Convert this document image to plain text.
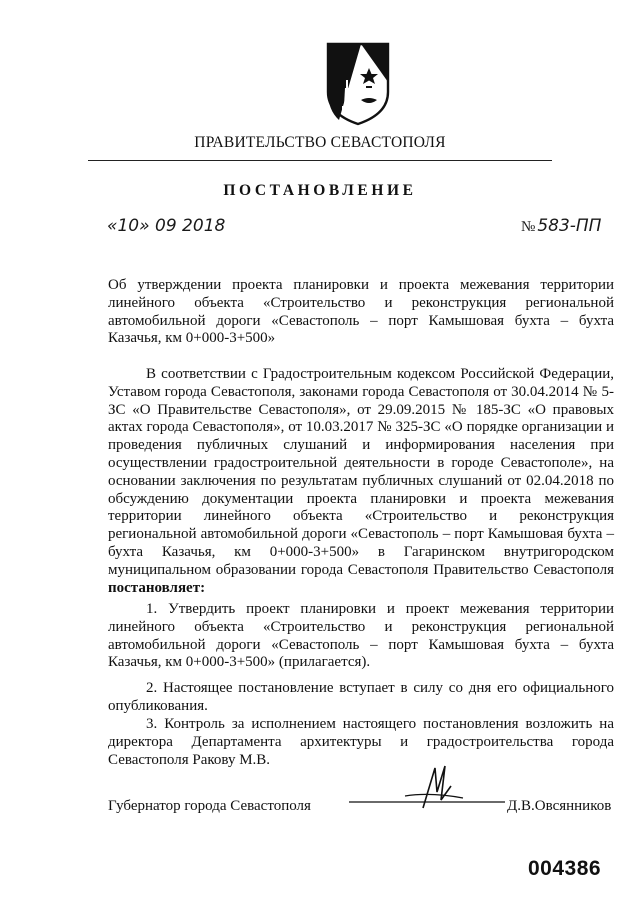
ПРАВИТЕЛЬСТВО СЕВАСТОПОЛЯ
ПОСТАНОВЛЕНИЕ
«10» 09 2018	№ 583-ПП
Об утверждении проекта планировки и проекта межевания территории линейного объекта «Строительство и реконструкция региональной автомобильной дороги «Севастополь – порт Камышовая бухта – бухта Казачья, км 0+000-3+500»
В соответствии с Градостроительным кодексом Российской Федерации, Уставом города Севастополя, законами города Севастополя от 30.04.2014 № 5-ЗС «О Правительстве Севастополя», от 29.09.2015 № 185-ЗС «О правовых актах города Севастополя», от 10.03.2017 № 325-ЗС «О порядке организации и проведения публичных слушаний и информирования населения при осуществлении градостроительной деятельности в городе Севастополе», на основании заключения по результатам публичных слушаний от 02.04.2018 по обсуждению документации проекта планировки и проекта межевания территории линейного объекта «Строительство и реконструкция региональной автомобильной дороги «Севастополь – порт Камышовая бухта – бухта Казачья, км 0+000-3+500» в Гагаринском внутригородском муниципальном образовании города Севастополя Правительство Севастополя постановляет:
1. Утвердить проект планировки и проект межевания территории линейного объекта «Строительство и реконструкция региональной автомобильной дороги «Севастополь – порт Камышовая бухта – бухта Казачья, км 0+000-3+500» (прилагается).
2. Настоящее постановление вступает в силу со дня его официального опубликования.
3. Контроль за исполнением настоящего постановления возложить на директора Департамента архитектуры и градостроительства города Севастополя Ракову М.В.
Губернатор города Севастополя	Д.В.Овсянников
004386
